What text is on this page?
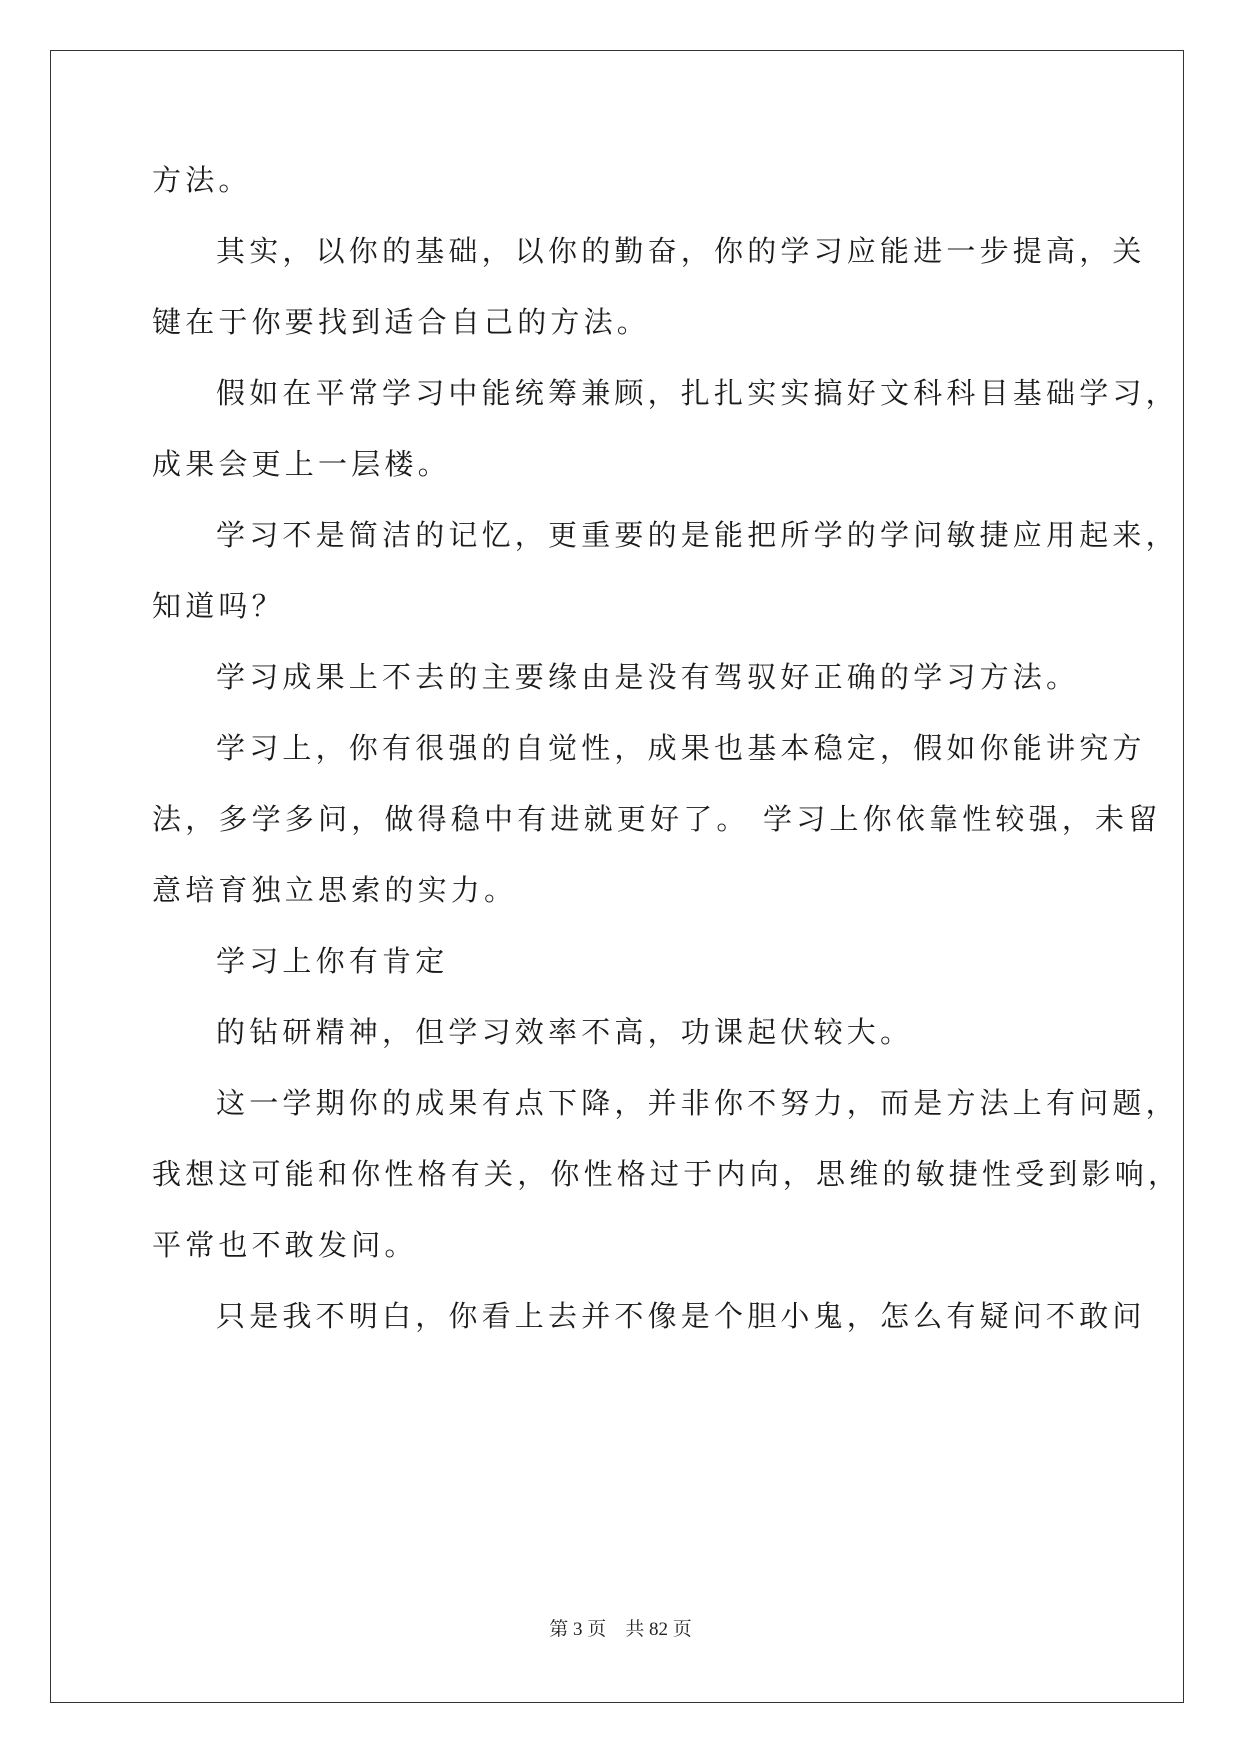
方法。
其实，以你的基础，以你的勤奋，你的学习应能进一步提高，关
键在于你要找到适合自己的方法。
假如在平常学习中能统筹兼顾，扎扎实实搞好文科科目基础学习，
成果会更上一层楼。
学习不是简洁的记忆，更重要的是能把所学的学问敏捷应用起来，
知道吗？
学习成果上不去的主要缘由是没有驾驭好正确的学习方法。
学习上，你有很强的自觉性，成果也基本稳定，假如你能讲究方
法，多学多问，做得稳中有进就更好了。 学习上你依靠性较强，未留
意培育独立思索的实力。
学习上你有肯定
的钻研精神，但学习效率不高，功课起伏较大。
这一学期你的成果有点下降，并非你不努力，而是方法上有问题，
我想这可能和你性格有关，你性格过于内向，思维的敏捷性受到影响，
平常也不敢发问。
只是我不明白，你看上去并不像是个胆小鬼，怎么有疑问不敢问
第 3 页    共 82 页
